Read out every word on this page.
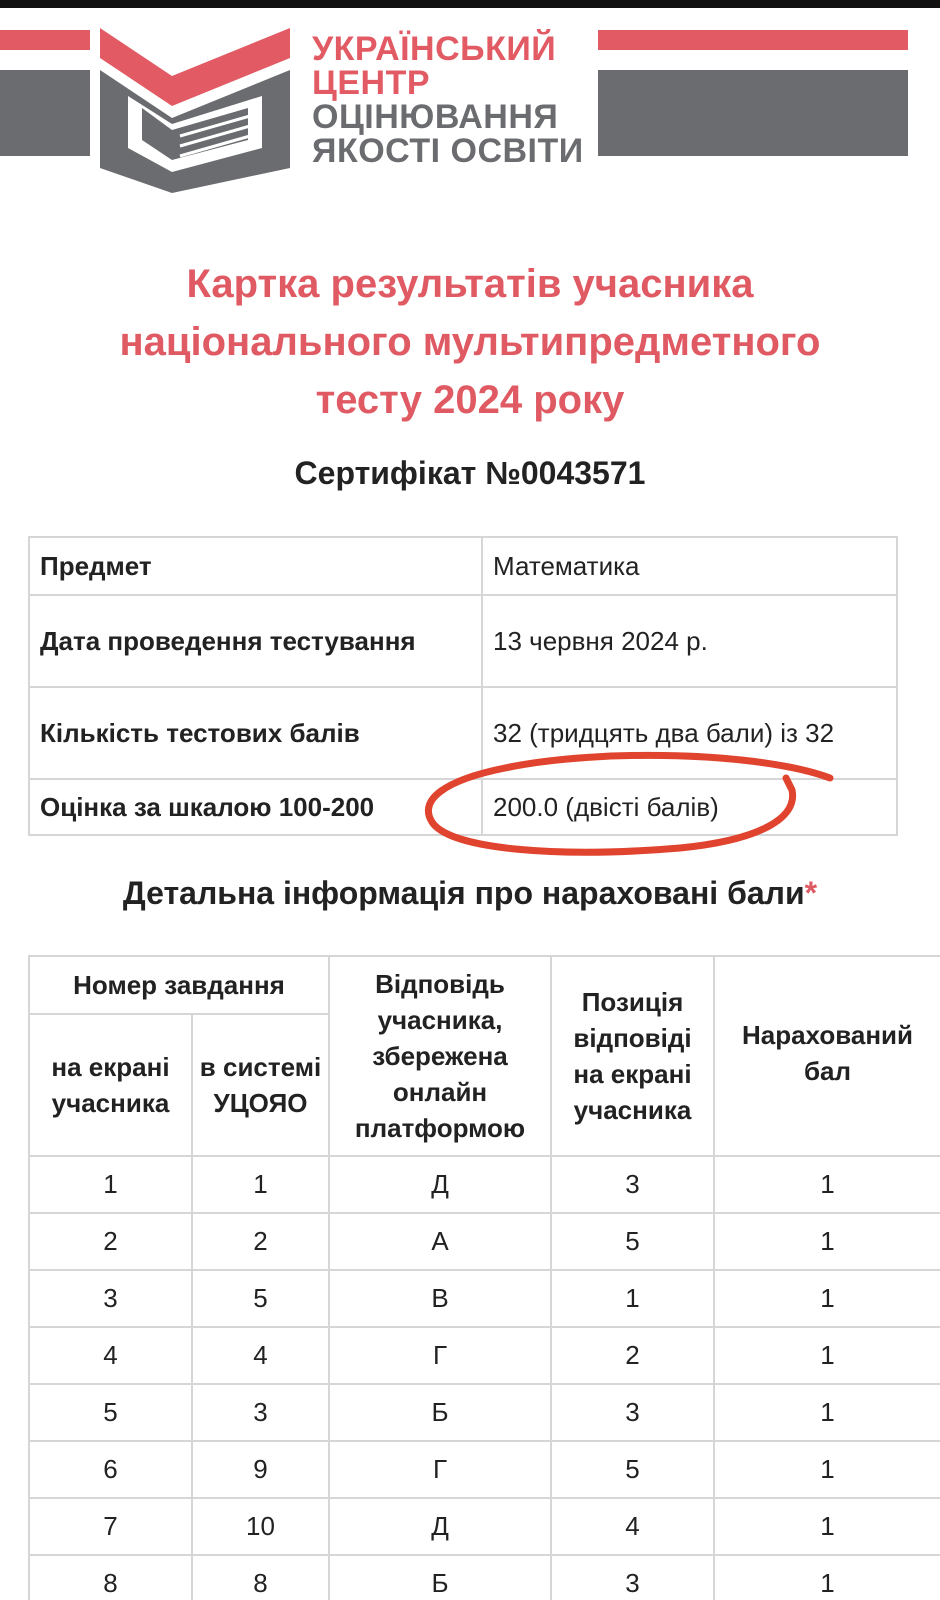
УКРАЇНСЬКИЙ
ЦЕНТР
ОЦІНЮВАННЯ
ЯКОСТІ ОСВІТИ
Картка результатів учасника
національного мультипредметного
тесту 2024 року
Сертифікат №0043571
Предмет	Математика
Дата проведення тестування	13 червня 2024 р.
Кількість тестових балів	32 (тридцять два бали) із 32
Оцінка за шкалою 100-200	200.0 (двісті балів)
Детальна інформація про нараховані бали*
Номер завдання		Відповідь учасника, збережена онлайн платформою	Позиція відповіді на екрані учасника	Нарахований бал
на екрані учасника	в системі УЦОЯО			
1	1	Д	3	1
2	2	А	5	1
3	5	В	1	1
4	4	Г	2	1
5	3	Б	3	1
6	9	Г	5	1
7	10	Д	4	1
8	8	Б	3	1
